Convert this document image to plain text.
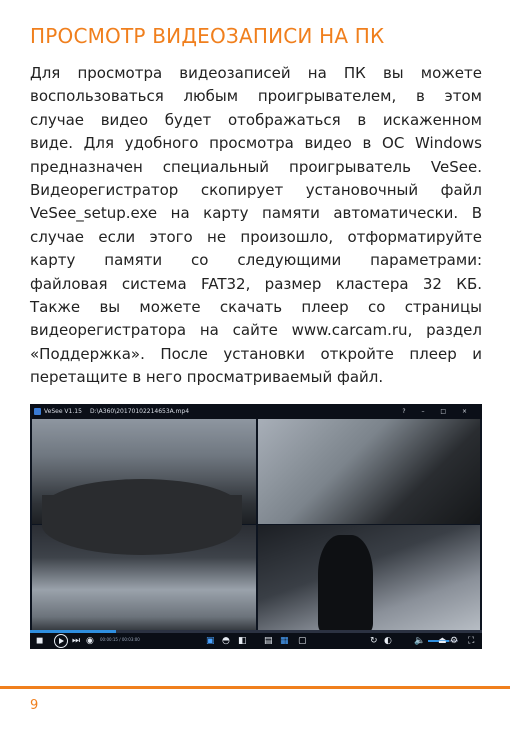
ПРОСМОТР ВИДЕОЗАПИСИ НА ПК
Для просмотра видеозаписей на ПК вы можете
воспользоваться любым проигрывателем, в этом
случае видео будет отображаться в искаженном
виде. Для удобного просмотра видео в ОС Windows
предназначен специальный проигрыватель VeSee.
Видеорегистратор скопирует установочный файл
VeSee_setup.exe на карту памяти автоматически. В
случае если этого не произошло, отформатируйте
карту памяти со следующими параметрами:
файловая система FAT32, размер кластера 32 КБ.
Также вы можете скачать плеер со страницы
видеорегистратора на сайте www.carcam.ru, раздел
«Поддержка». После установки откройте плеер и
перетащите в него просматриваемый файл.
VeSee V1.15 D:\A360\20170102214653A.mp4	? – □ ×
◼	⏭ ◉ 00:00:15 / 00:03:00	▣ ◓ ◧ ▤ ▦ ▢	↻ ◐ 🔈 ⏏ ⚙ ⛶
9
